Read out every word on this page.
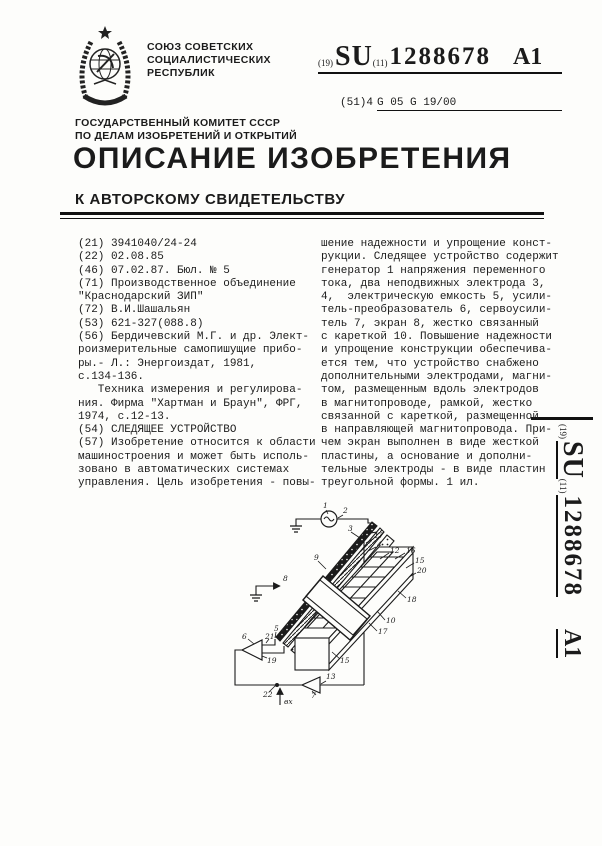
СОЮЗ СОВЕТСКИХ
СОЦИАЛИСТИЧЕСКИХ
РЕСПУБЛИК
(19) SU (11) 1288678 A1
(51)4 G 05 G 19/00
ГОСУДАРСТВЕННЫЙ КОМИТЕТ СССР
ПО ДЕЛАМ ИЗОБРЕТЕНИЙ И ОТКРЫТИЙ
ОПИСАНИЕ ИЗОБРЕТЕНИЯ
К АВТОРСКОМУ СВИДЕТЕЛЬСТВУ
(21) 3941040/24-24
(22) 02.08.85
(46) 07.02.87. Бюл. № 5
(71) Производственное объединение
"Краснодарский ЗИП"
(72) В.И.Шашальян
(53) 621-327(088.8)
(56) Бердичевский М.Г. и др. Элект-
роизмерительные самопишущие прибо-
ры.- Л.: Энергоиздат, 1981,
с.134-136.
Техника измерения и регулирова-
ния. Фирма "Хартман и Браун", ФРГ,
1974, с.12-13.
(54) СЛЕДЯЩЕЕ УСТРОЙСТВО
(57) Изобретение относится к области
машиностроения и может быть исполь-
зовано в автоматических системах
управления. Цель изобретения - повы-
шение надежности и упрощение конст-
рукции. Следящее устройство содержит
генератор 1 напряжения переменного
тока, два неподвижных электрода 3,
4,  электрическую емкость 5, усили-
тель-преобразователь 6, сервоусили-
тель 7, экран 8, жестко связанный
с кареткой 10. Повышение надежности
и упрощение конструкции обеспечива-
ется тем, что устройство снабжено
дополнительными электродами, магни-
том, размещенным вдоль электродов
в магнитопроводе, рамкой, жестко
связанной с кареткой, размещенной
в направляющей магнитопровода. При-
чем экран выполнен в виде жесткой
пластины, а основание и дополни-
тельные электроды - в виде пластин
треугольной формы. 1 ил.
(19)
SU
(11)
1288678
A1
1
2
3
17
4
12 16
15
20
9
8
18
10
17
5
21
6
19	15
13
7
22
вх
